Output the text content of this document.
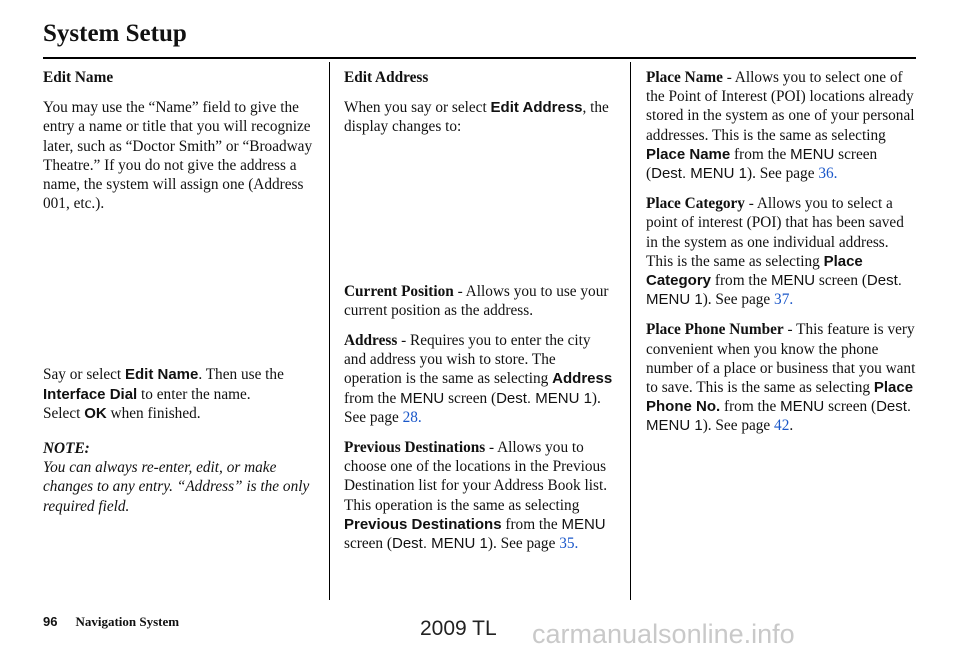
System Setup

Edit Name

You may use the “Name” field to give the entry a name or title that you will recognize later, such as “Doctor Smith” or “Broadway Theatre.” If you do not give the address a name, the system will assign one (Address 001, etc.).

Say or select Edit Name. Then use the Interface Dial to enter the name.
Select OK when finished.

NOTE:
You can always re-enter, edit, or make changes to any entry. “Address” is the only required field.

Edit Address

When you say or select Edit Address, the display changes to:

Current Position - Allows you to use your current position as the address.

Address - Requires you to enter the city and address you wish to store. The operation is the same as selecting Address from the MENU screen (Dest. MENU 1). See page 28.

Previous Destinations - Allows you to choose one of the locations in the Previous Destination list for your Address Book list. This operation is the same as selecting Previous Destinations from the MENU screen (Dest. MENU 1). See page 35.

Place Name - Allows you to select one of the Point of Interest (POI) locations already stored in the system as one of your personal addresses. This is the same as selecting Place Name from the MENU screen (Dest. MENU 1). See page 36.

Place Category - Allows you to select a point of interest (POI) that has been saved in the system as one individual address. This is the same as selecting Place Category from the MENU screen (Dest. MENU 1). See page 37.

Place Phone Number - This feature is very convenient when you know the phone number of a place or business that you want to save. This is the same as selecting Place Phone No. from the MENU screen (Dest. MENU 1). See page 42.

96 Navigation System	2009 TL carmanualsonline.info
